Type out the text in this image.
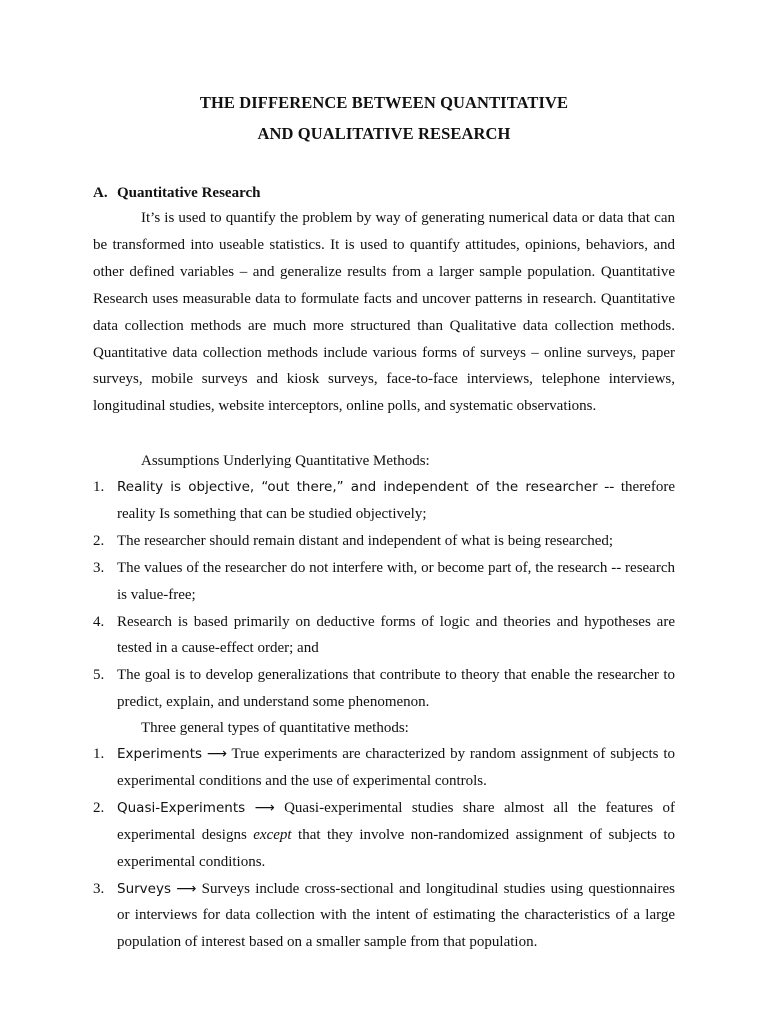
THE DIFFERENCE BETWEEN QUANTITATIVE
AND QUALITATIVE RESEARCH
A. Quantitative Research

It’s is used to quantify the problem by way of generating numerical data or data that can be transformed into useable statistics. It is used to quantify attitudes, opinions, behaviors, and other defined variables – and generalize results from a larger sample population. Quantitative Research uses measurable data to formulate facts and uncover patterns in research. Quantitative data collection methods are much more structured than Qualitative data collection methods. Quantitative data collection methods include various forms of surveys – online surveys, paper surveys, mobile surveys and kiosk surveys, face-to-face interviews, telephone interviews, longitudinal studies, website interceptors, online polls, and systematic observations.

Assumptions Underlying Quantitative Methods:
1. Reality is objective, “out there,” and independent of the researcher -- therefore reality Is something that can be studied objectively;
2. The researcher should remain distant and independent of what is being researched;
3. The values of the researcher do not interfere with, or become part of, the research -- research is value-free;
4. Research is based primarily on deductive forms of logic and theories and hypotheses are tested in a cause-effect order; and
5. The goal is to develop generalizations that contribute to theory that enable the researcher to predict, explain, and understand some phenomenon.
Three general types of quantitative methods:
1. Experiments ⟶ True experiments are characterized by random assignment of subjects to experimental conditions and the use of experimental controls.
2. Quasi-Experiments ⟶ Quasi-experimental studies share almost all the features of experimental designs except that they involve non-randomized assignment of subjects to experimental conditions.
3. Surveys ⟶ Surveys include cross-sectional and longitudinal studies using questionnaires or interviews for data collection with the intent of estimating the characteristics of a large population of interest based on a smaller sample from that population.
